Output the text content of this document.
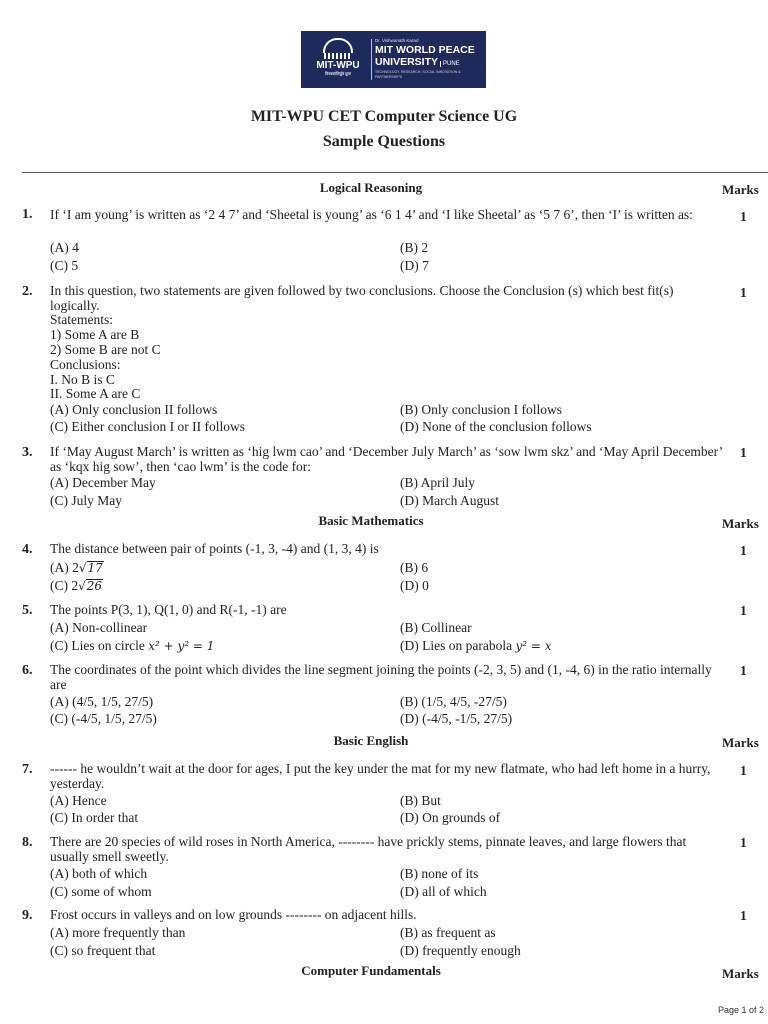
MIT-WPU
विश्वशांतिर्ध्रुवं ध्रुवा
Dr. Vishwanath Karad
MIT WORLD PEACE
UNIVERSITY PUNE
TECHNOLOGY, RESEARCH, SOCIAL INNOVATION & PARTNERSHIPS
MIT-WPU CET Computer Science UG
Sample Questions
Logical Reasoning	Marks
1. If ‘I am young’ is written as ‘2 4 7’ and ‘Sheetal is young’ as ‘6 1 4’ and ‘I like Sheetal’ as ‘5 7 6’, then ‘I’ is written as:	1
(A) 4	(B) 2
(C) 5	(D) 7
2. In this question, two statements are given followed by two conclusions. Choose the Conclusion (s) which best fit(s) logically.
1
Statements:
1) Some A are B
2) Some B are not C
Conclusions:
I. No B is C
II. Some A are C
(A) Only conclusion II follows	(B) Only conclusion I follows
(C) Either conclusion I or II follows	(D) None of the conclusion follows
3. If ‘May August March’ is written as ‘hig lwm cao’ and ‘December July March’ as ‘sow lwm skz’ and ‘May April December’ as ‘kqx hig sow’, then ‘cao lwm’ is the code for:
1
(A) December May	(B) April July
(C) July May	(D) March August
Basic Mathematics	Marks
4. The distance between pair of points (-1, 3, -4) and (1, 3, 4) is	1
(A) 2√17	(B) 6
(C) 2√26	(D) 0
5. The points P(3, 1), Q(1, 0) and R(-1, -1) are	1
(A) Non-collinear	(B) Collinear
(C) Lies on circle x² + y² = 1	(D) Lies on parabola y² = x
6. The coordinates of the point which divides the line segment joining the points (-2, 3, 5) and (1, -4, 6) in the ratio internally are
1
(A) (4/5, 1/5, 27/5)	(B) (1/5, 4/5, -27/5)
(C) (-4/5, 1/5, 27/5)	(D) (-4/5, -1/5, 27/5)
Basic English	Marks
7. ------ he wouldn’t wait at the door for ages, I put the key under the mat for my new flatmate, who had left home in a hurry, yesterday.
1
(A) Hence	(B) But
(C) In order that	(D) On grounds of
8. There are 20 species of wild roses in North America, -------- have prickly stems, pinnate leaves, and large flowers that usually smell sweetly.
1
(A) both of which	(B) none of its
(C) some of whom	(D) all of which
9. Frost occurs in valleys and on low grounds -------- on adjacent hills.	1
(A) more frequently than	(B) as frequent as
(C) so frequent that	(D) frequently enough
Computer Fundamentals	Marks
Page 1 of 2
